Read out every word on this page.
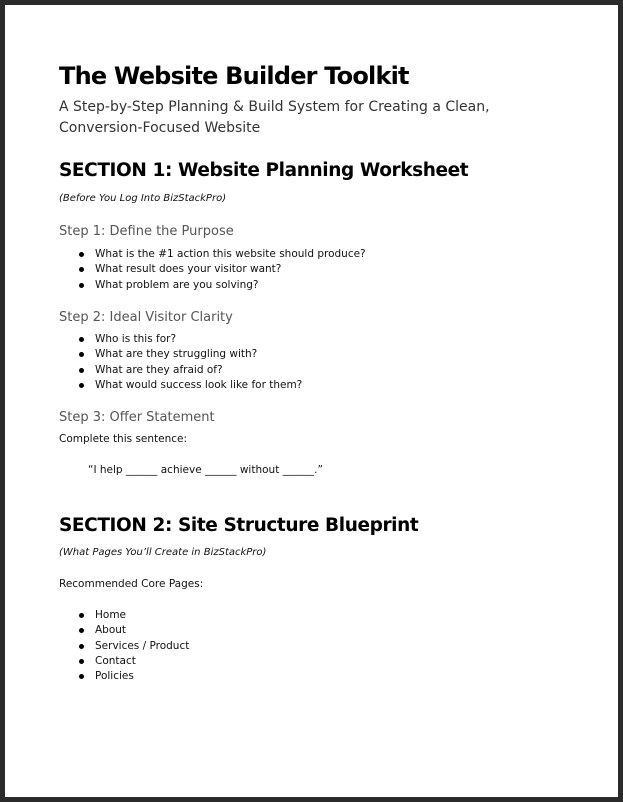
The Website Builder Toolkit
A Step-by-Step Planning & Build System for Creating a Clean, Conversion-Focused Website
SECTION 1: Website Planning Worksheet
(Before You Log Into BizStackPro)
Step 1: Define the Purpose
What is the #1 action this website should produce?
What result does your visitor want?
What problem are you solving?
Step 2: Ideal Visitor Clarity
Who is this for?
What are they struggling with?
What are they afraid of?
What would success look like for them?
Step 3: Offer Statement
Complete this sentence:
“I help ______ achieve ______ without ______.”
SECTION 2: Site Structure Blueprint
(What Pages You’ll Create in BizStackPro)
Recommended Core Pages:
Home
About
Services / Product
Contact
Policies
